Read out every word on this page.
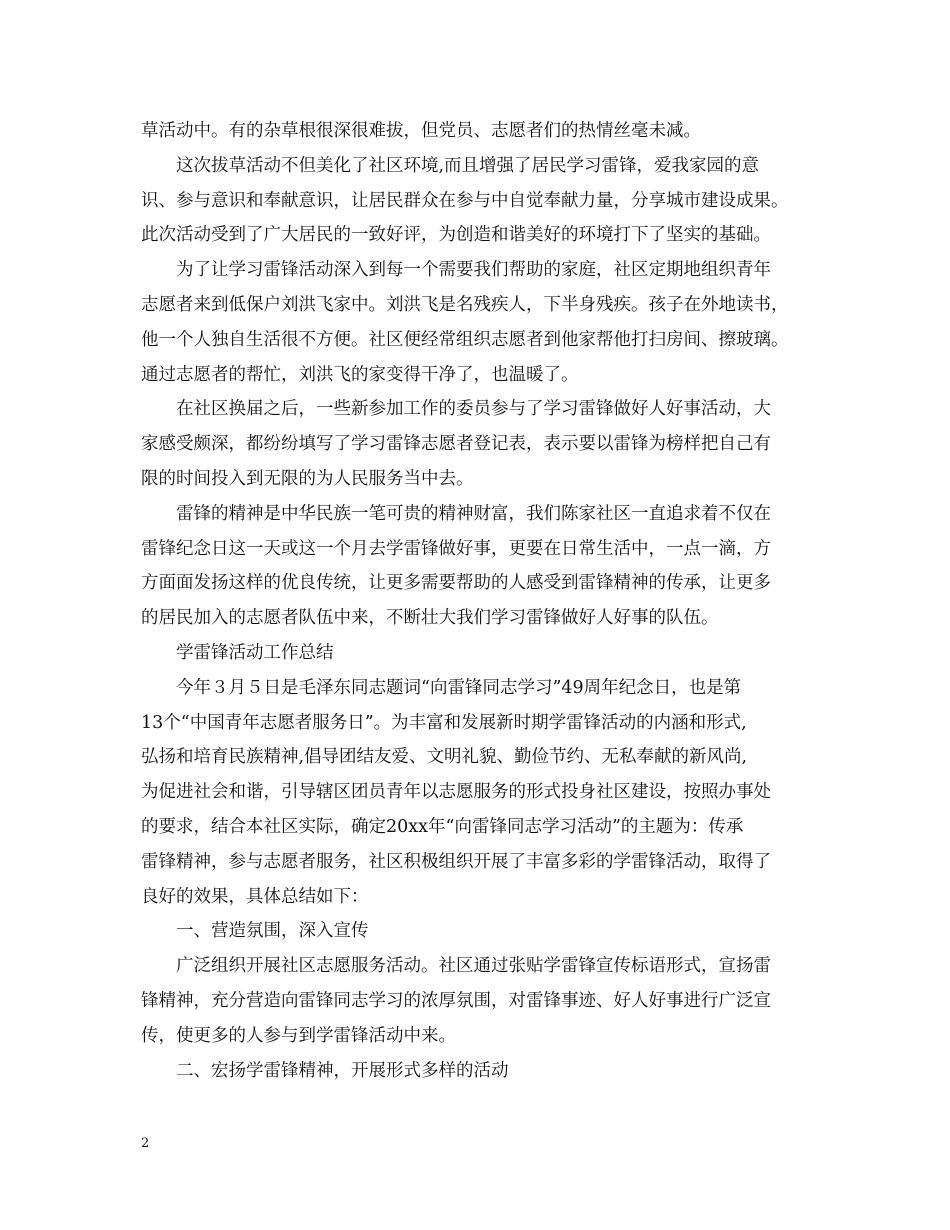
草活动中。有的杂草根很深很难拔，但党员、志愿者们的热情丝毫未减。
这次拔草活动不但美化了社区环境,而且增强了居民学习雷锋，爱我家园的意
识、参与意识和奉献意识，让居民群众在参与中自觉奉献力量，分享城市建设成果。
此次活动受到了广大居民的一致好评，为创造和谐美好的环境打下了坚实的基础。
为了让学习雷锋活动深入到每一个需要我们帮助的家庭，社区定期地组织青年
志愿者来到低保户刘洪飞家中。刘洪飞是名残疾人，下半身残疾。孩子在外地读书，
他一个人独自生活很不方便。社区便经常组织志愿者到他家帮他打扫房间、擦玻璃。
通过志愿者的帮忙，刘洪飞的家变得干净了，也温暖了。
在社区换届之后，一些新参加工作的委员参与了学习雷锋做好人好事活动，大
家感受颇深，都纷纷填写了学习雷锋志愿者登记表，表示要以雷锋为榜样把自己有
限的时间投入到无限的为人民服务当中去。
雷锋的精神是中华民族一笔可贵的精神财富，我们陈家社区一直追求着不仅在
雷锋纪念日这一天或这一个月去学雷锋做好事，更要在日常生活中，一点一滴，方
方面面发扬这样的优良传统，让更多需要帮助的人感受到雷锋精神的传承，让更多
的居民加入的志愿者队伍中来，不断壮大我们学习雷锋做好人好事的队伍。
学雷锋活动工作总结
今年３月５日是毛泽东同志题词“向雷锋同志学习”49周年纪念日，也是第
13个“中国青年志愿者服务日”。为丰富和发展新时期学雷锋活动的内涵和形式,
弘扬和培育民族精神,倡导团结友爱、文明礼貌、勤俭节约、无私奉献的新风尚,
为促进社会和谐，引导辖区团员青年以志愿服务的形式投身社区建设，按照办事处
的要求，结合本社区实际，确定20xx年“向雷锋同志学习活动”的主题为：传承
雷锋精神，参与志愿者服务，社区积极组织开展了丰富多彩的学雷锋活动，取得了
良好的效果，具体总结如下：
一、营造氛围，深入宣传
广泛组织开展社区志愿服务活动。社区通过张贴学雷锋宣传标语形式，宣扬雷
锋精神，充分营造向雷锋同志学习的浓厚氛围，对雷锋事迹、好人好事进行广泛宣
传，使更多的人参与到学雷锋活动中来。
二、宏扬学雷锋精神，开展形式多样的活动
2
